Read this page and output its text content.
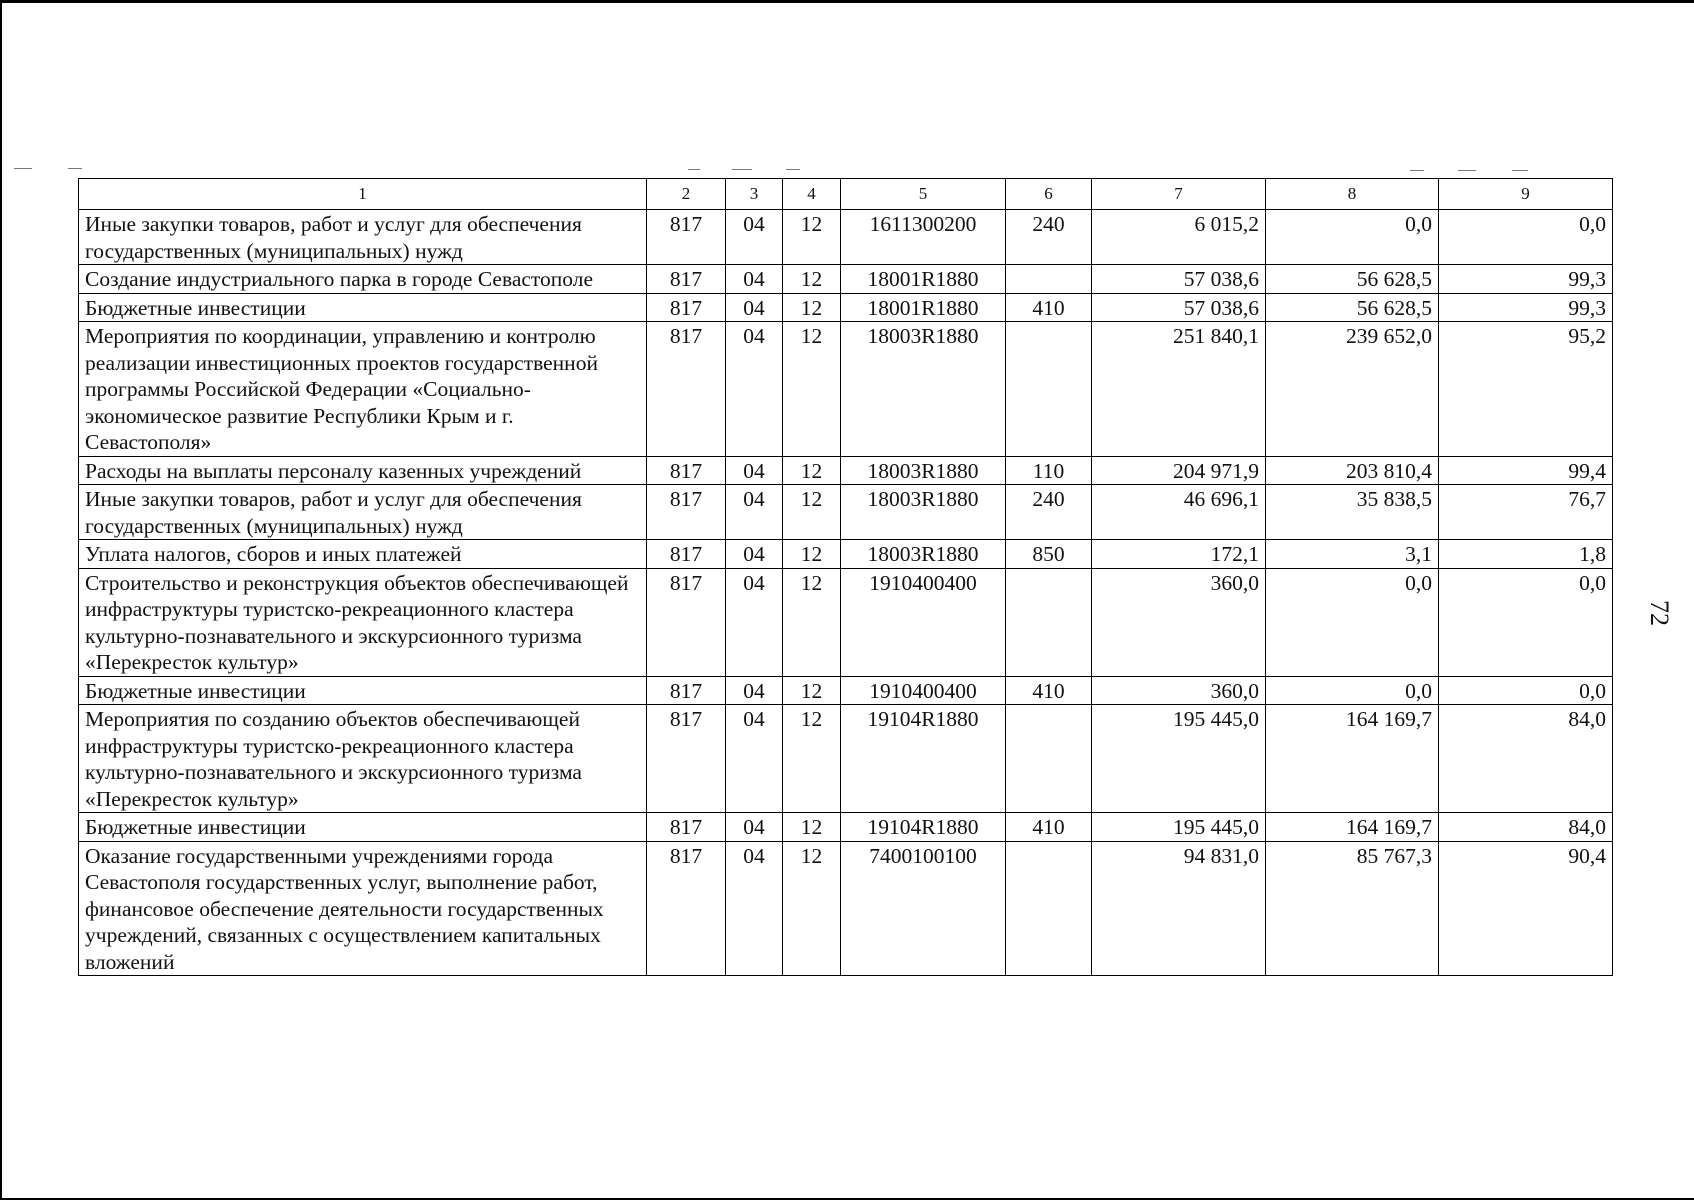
72
1	2	3	4	5	6	7	8	9
Иные закупки товаров, работ и услуг для обеспечения государственных (муниципальных) нужд	817	04	12	1611300200	240	6 015,2	0,0	0,0
Создание индустриального парка в городе Севастополе	817	04	12	18001R1880		57 038,6	56 628,5	99,3
Бюджетные инвестиции	817	04	12	18001R1880	410	57 038,6	56 628,5	99,3
Мероприятия по координации, управлению и контролю реализации инвестиционных проектов государственной программы Российской Федерации «Социально-экономическое развитие Республики Крым и г. Севастополя»	817	04	12	18003R1880		251 840,1	239 652,0	95,2
Расходы на выплаты персоналу казенных учреждений	817	04	12	18003R1880	110	204 971,9	203 810,4	99,4
Иные закупки товаров, работ и услуг для обеспечения государственных (муниципальных) нужд	817	04	12	18003R1880	240	46 696,1	35 838,5	76,7
Уплата налогов, сборов и иных платежей	817	04	12	18003R1880	850	172,1	3,1	1,8
Строительство и реконструкция объектов обеспечивающей инфраструктуры туристско-рекреационного кластера культурно-познавательного и экскурсионного туризма «Перекресток культур»	817	04	12	1910400400		360,0	0,0	0,0
Бюджетные инвестиции	817	04	12	1910400400	410	360,0	0,0	0,0
Мероприятия по созданию объектов обеспечивающей инфраструктуры туристско-рекреационного кластера культурно-познавательного и экскурсионного туризма «Перекресток культур»	817	04	12	19104R1880		195 445,0	164 169,7	84,0
Бюджетные инвестиции	817	04	12	19104R1880	410	195 445,0	164 169,7	84,0
Оказание государственными учреждениями города Севастополя государственных услуг, выполнение работ, финансовое обеспечение деятельности государственных учреждений, связанных с осуществлением капитальных вложений	817	04	12	7400100100		94 831,0	85 767,3	90,4
